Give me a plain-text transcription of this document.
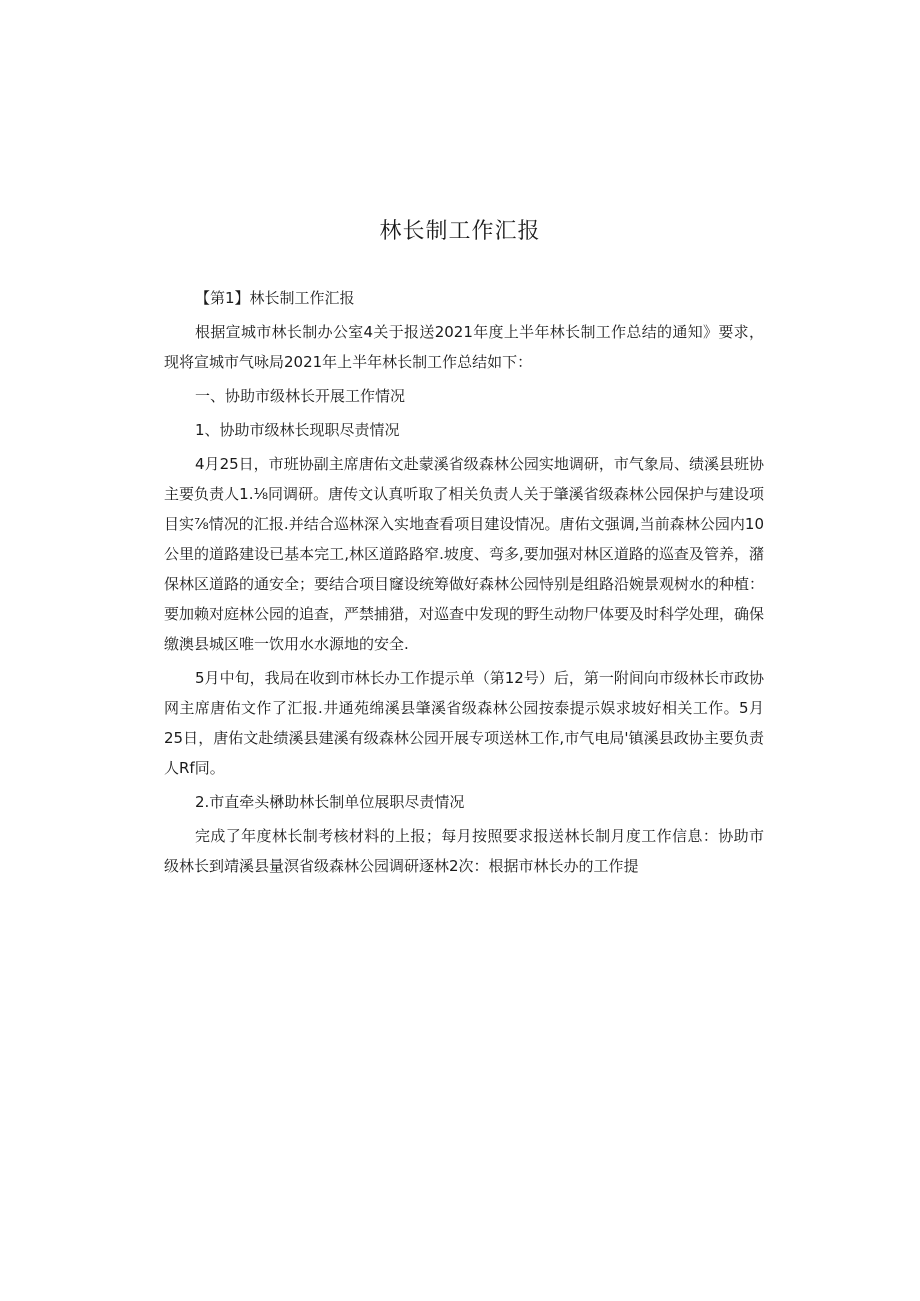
林长制工作汇报

【第1】林长制工作汇报

根据宣城市林长制办公室4关于报送2021年度上半年林长制工作总结的通知》要求，现将宣城市气咏局2021年上半年林长制工作总结如下：

一、协助市级林长开展工作情况

1、协助市级林长现职尽责情况

4月25日，市班协副主席唐佑文赴蒙溪省级森林公园实地调研，市气象局、绩溪县班协主要负责人1.⅛同调研。唐传文认真听取了相关负责人关于肇溪省级森林公园保护与建设项目实⅞情况的汇报.并结合巡林深入实地查看项目建设情况。唐佑文强调,当前森林公园内10公里的道路建设已基本完工,林区道路路窄.坡度、弯多,要加强对林区道路的巡查及管养，潴保林区道路的通安全；要结合项目窿设统筹做好森林公园恃别是组路沿婉景观树水的种植：要加赖对庭林公园的追查，严禁捕猎，对巡查中发现的野生动物尸体要及时科学处理，确保缴澳县城区唯一饮用水水源地的安全.

5月中旬，我局在收到市林长办工作提示单（第12号）后，第一附间向市级林长市政协网主席唐佑文作了汇报.井通苑绵溪县肇溪省级森林公园按泰提示娱求坡好相关工作。5月25日，唐佑文赴绩溪县建溪有级森林公园开展专项送林工作,市气电局'镇溪县政协主要负责人Rf同。

2.市直牵头楙助林长制单位展职尽责情况

完成了年度林长制考核材料的上报；每月按照要求报送林长制月度工作信息：协助市级林长到靖溪县量溟省级森林公园调研逐林2次：根据市林长办的工作提
